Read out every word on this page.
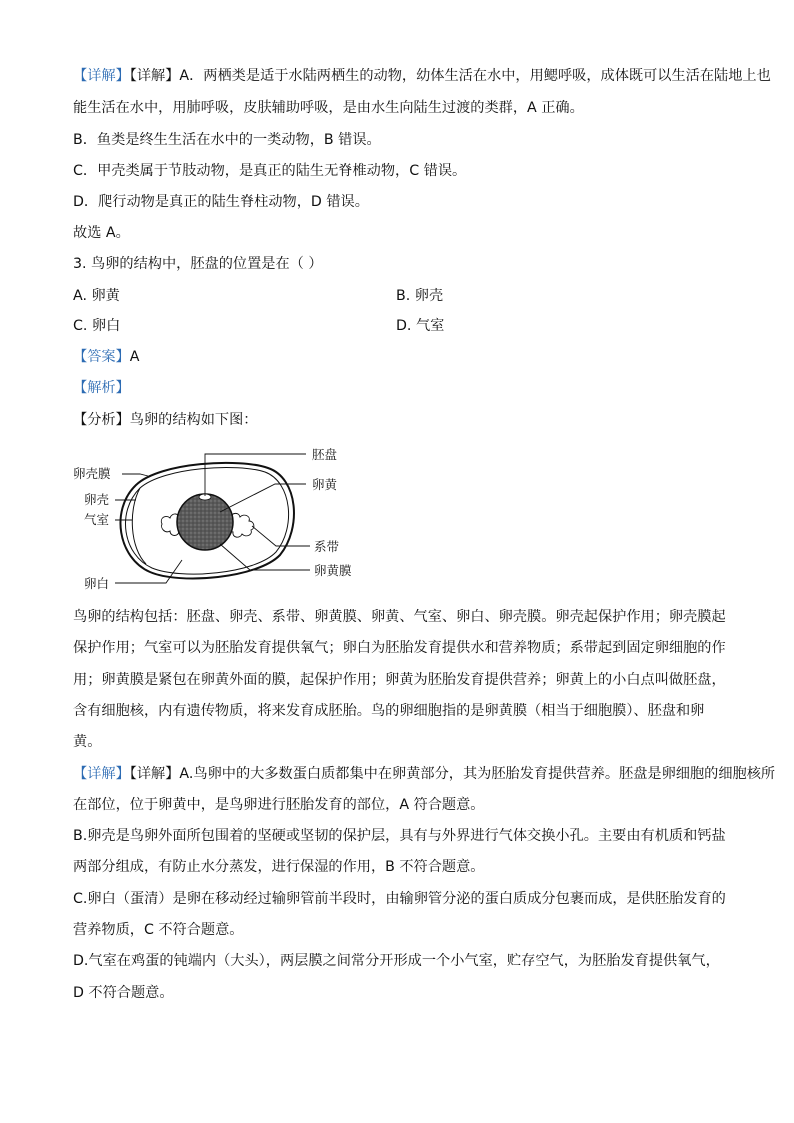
【详解】【详解】A．两栖类是适于水陆两栖生的动物，幼体生活在水中，用鳃呼吸，成体既可以生活在陆地上也
能生活在水中，用肺呼吸，皮肤辅助呼吸，是由水生向陆生过渡的类群，A 正确。
B．鱼类是终生生活在水中的一类动物，B 错误。
C．甲壳类属于节肢动物，是真正的陆生无脊椎动物，C 错误。
D．爬行动物是真正的陆生脊柱动物，D 错误。
故选 A。
3. 鸟卵的结构中，胚盘的位置是在（ ）
A. 卵黄	B. 卵壳
C. 卵白	D. 气室
【答案】A
【解析】
【分析】鸟卵的结构如下图：
胚盘
卵黄
卵壳膜
卵壳
气室
系带
卵黄膜
卵白
鸟卵的结构包括：胚盘、卵壳、系带、卵黄膜、卵黄、气室、卵白、卵壳膜。卵壳起保护作用；卵壳膜起
保护作用；气室可以为胚胎发育提供氧气；卵白为胚胎发育提供水和营养物质；系带起到固定卵细胞的作
用；卵黄膜是紧包在卵黄外面的膜，起保护作用；卵黄为胚胎发育提供营养；卵黄上的小白点叫做胚盘，
含有细胞核，内有遗传物质，将来发育成胚胎。鸟的卵细胞指的是卵黄膜（相当于细胞膜）、胚盘和卵
黄。
【详解】【详解】A.鸟卵中的大多数蛋白质都集中在卵黄部分，其为胚胎发育提供营养。胚盘是卵细胞的细胞核所
在部位，位于卵黄中，是鸟卵进行胚胎发育的部位，A 符合题意。
B.卵壳是鸟卵外面所包围着的坚硬或坚韧的保护层，具有与外界进行气体交换小孔。主要由有机质和钙盐
两部分组成，有防止水分蒸发，进行保湿的作用，B 不符合题意。
C.卵白（蛋清）是卵在移动经过输卵管前半段时，由输卵管分泌的蛋白质成分包裹而成，是供胚胎发育的
营养物质，C 不符合题意。
D.气室在鸡蛋的钝端内（大头），两层膜之间常分开形成一个小气室，贮存空气，为胚胎发育提供氧气，
D 不符合题意。
